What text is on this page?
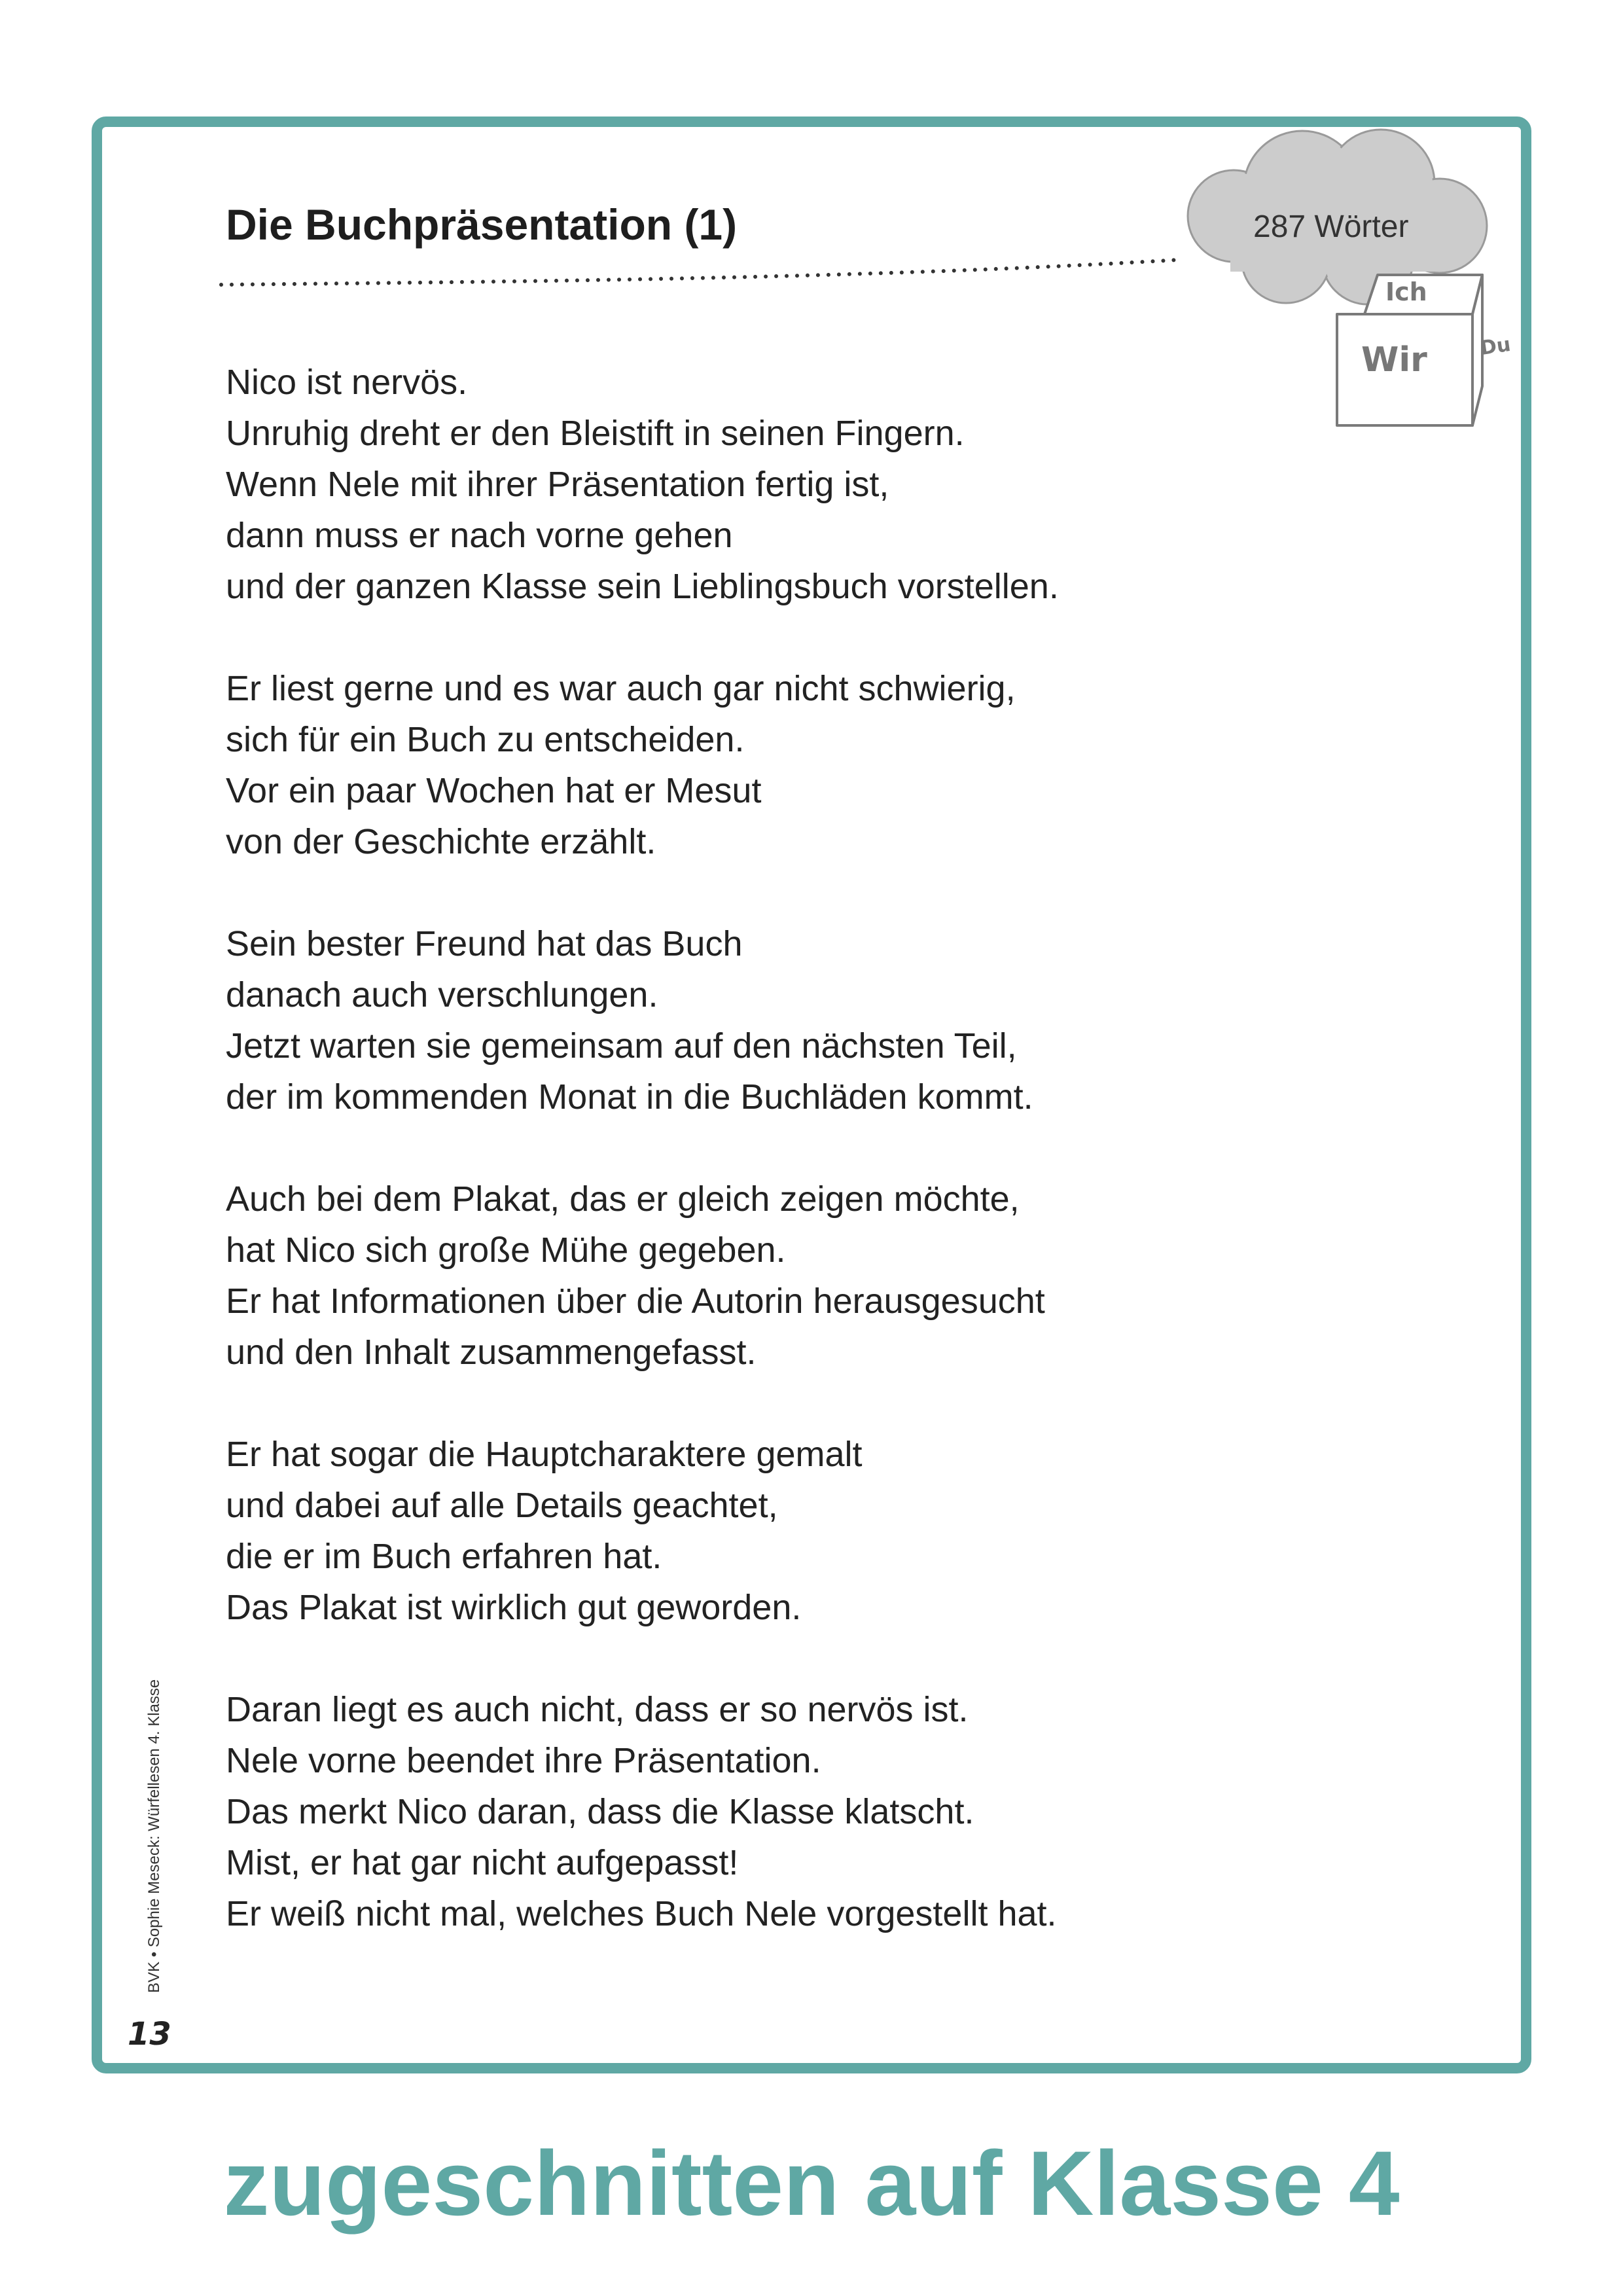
Die Buchpräsentation (1)	287 Wörter
Ich
Wir	Du

Nico ist nervös.
Unruhig dreht er den Bleistift in seinen Fingern.
Wenn Nele mit ihrer Präsentation fertig ist,
dann muss er nach vorne gehen
und der ganzen Klasse sein Lieblingsbuch vorstellen.

Er liest gerne und es war auch gar nicht schwierig,
sich für ein Buch zu entscheiden.
Vor ein paar Wochen hat er Mesut
von der Geschichte erzählt.

Sein bester Freund hat das Buch
danach auch verschlungen.
Jetzt warten sie gemeinsam auf den nächsten Teil,
der im kommenden Monat in die Buchläden kommt.

Auch bei dem Plakat, das er gleich zeigen möchte,
hat Nico sich große Mühe gegeben.
Er hat Informationen über die Autorin herausgesucht
und den Inhalt zusammengefasst.

Er hat sogar die Hauptcharaktere gemalt
und dabei auf alle Details geachtet,
die er im Buch erfahren hat.
Das Plakat ist wirklich gut geworden.

Daran liegt es auch nicht, dass er so nervös ist.
Nele vorne beendet ihre Präsentation.
Das merkt Nico daran, dass die Klasse klatscht.
Mist, er hat gar nicht aufgepasst!
Er weiß nicht mal, welches Buch Nele vorgestellt hat.

BVK • Sophie Meseck: Würfellesen 4. Klasse
13
zugeschnitten auf Klasse 4
